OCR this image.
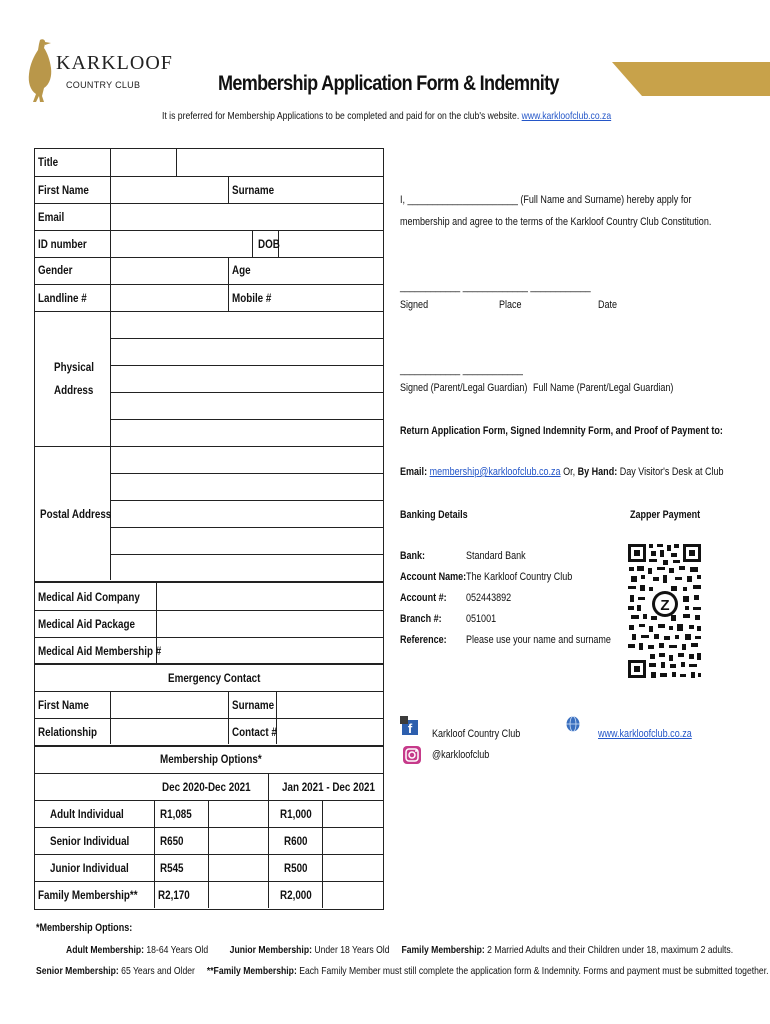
KARKLOOF
COUNTRY CLUB	Membership Application Form & Indemnity
It is preferred for Membership Applications to be completed and paid for on the club's website. www.karkloofclub.co.za
Title
First Name	Surname
Email
ID number	DOB
Gender	Age
Landline #	Mobile #
Physical
Address
Postal Address
Medical Aid Company
Medical Aid Package
Medical Aid Membership #
Emergency Contact
First Name	Surname
Relationship	Contact #
Membership Options*
Dec 2020-Dec 2021	Jan 2021 - Dec 2021
Adult Individual	R1,085	R1,000
Senior Individual	R650	R600
Junior Individual	R545	R500
Family Membership** R2,170	R2,000
I, ______________________ (Full Name and Surname) hereby apply for
membership and agree to the terms of the Karkloof Country Club Constitution.
____________ _____________ ____________
Signed	Place	Date
____________ ____________
Signed (Parent/Legal Guardian) Full Name (Parent/Legal Guardian)
Return Application Form, Signed Indemnity Form, and Proof of Payment to:
Email: membership@karkloofclub.co.za Or, By Hand: Day Visitor's Desk at Club
Banking Details	Zapper Payment
Bank:	Standard Bank
Account Name: The Karkloof Country Club
Account #: 052443892
Branch #: 051001
Reference: Please use your name and surname
Z
f Karkloof Country Club
@karkloofclub
www.karkloofclub.co.za
*Membership Options:
Adult Membership: 18-64 Years Old Junior Membership: Under 18 Years Old Family Membership: 2 Married Adults and their Children under 18, maximum 2 adults.
Senior Membership: 65 Years and Older **Family Membership: Each Family Member must still complete the application form & Indemnity. Forms and payment must be submitted together.
